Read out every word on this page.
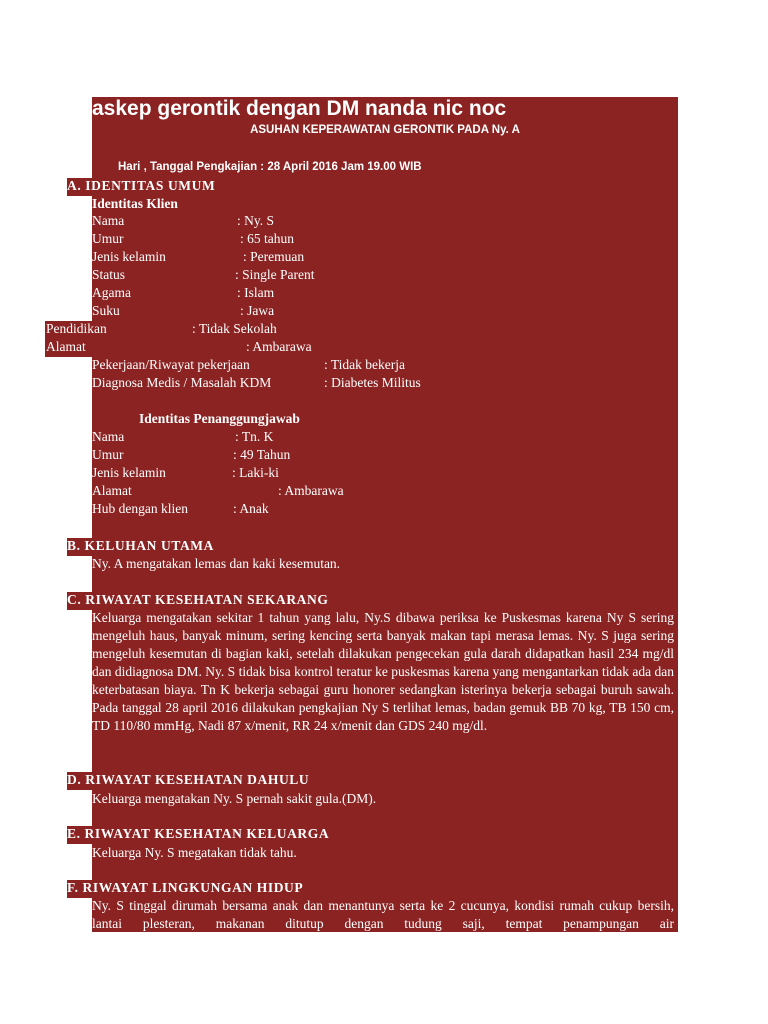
askep gerontik dengan DM nanda nic noc
ASUHAN KEPERAWATAN GERONTIK PADA Ny. A
Hari , Tanggal Pengkajian : 28 April 2016 Jam 19.00 WIB
A. IDENTITAS UMUM
Identitas Klien
Nama	: Ny. S
Umur	: 65 tahun
Jenis kelamin	: Peremuan
Status	: Single Parent
Agama	: Islam
Suku	: Jawa
Pendidikan	: Tidak Sekolah
Alamat	: Ambarawa
Pekerjaan/Riwayat pekerjaan	: Tidak bekerja
Diagnosa Medis / Masalah KDM	: Diabetes Militus
Identitas Penanggungjawab
Nama	: Tn. K
Umur	: 49 Tahun
Jenis kelamin	: Laki-ki
Alamat	: Ambarawa
Hub dengan klien	: Anak
B. KELUHAN UTAMA
Ny. A mengatakan lemas dan kaki kesemutan.
C. RIWAYAT KESEHATAN SEKARANG
Keluarga mengatakan sekitar 1 tahun yang lalu, Ny.S dibawa periksa ke Puskesmas karena Ny S sering mengeluh haus, banyak minum, sering kencing serta banyak makan tapi merasa lemas. Ny. S juga sering mengeluh kesemutan di bagian kaki, setelah dilakukan pengecekan gula darah didapatkan hasil 234 mg/dl dan didiagnosa DM. Ny. S tidak bisa kontrol teratur ke puskesmas karena yang mengantarkan tidak ada dan keterbatasan biaya. Tn K bekerja sebagai guru honorer sedangkan isterinya bekerja sebagai buruh sawah. Pada tanggal 28 april 2016 dilakukan pengkajian Ny S terlihat lemas, badan gemuk BB 70 kg, TB 150 cm, TD 110/80 mmHg, Nadi 87 x/menit, RR 24 x/menit dan GDS 240 mg/dl.
D. RIWAYAT KESEHATAN DAHULU
Keluarga mengatakan Ny. S pernah sakit gula.(DM).
E. RIWAYAT KESEHATAN KELUARGA
Keluarga Ny. S megatakan tidak tahu.
F. RIWAYAT LINGKUNGAN HIDUP
Ny. S tinggal dirumah bersama anak dan menantunya serta ke 2 cucunya, kondisi rumah cukup bersih, lantai plesteran, makanan ditutup dengan tudung saji, tempat penampungan air
